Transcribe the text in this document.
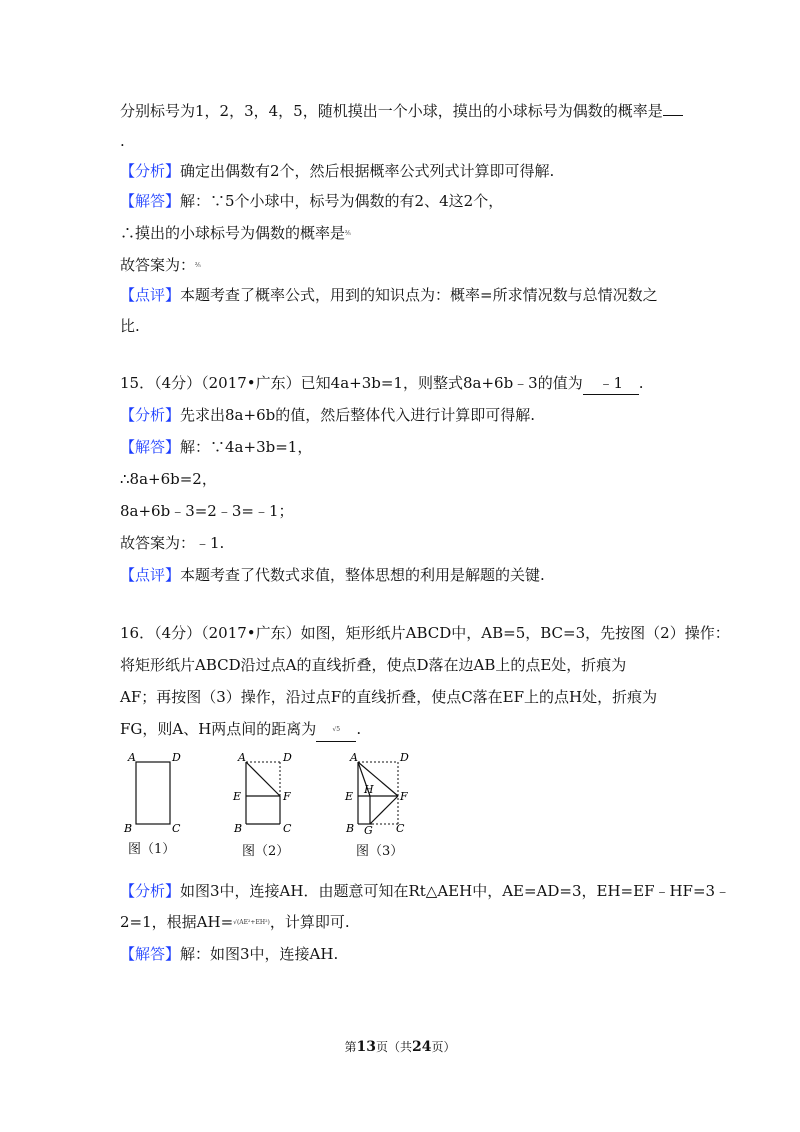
分别标号为1，2，3，4，5，随机摸出一个小球，摸出的小球标号为偶数的概率是
.
【分析】确定出偶数有2个，然后根据概率公式列式计算即可得解.
【解答】解：∵5个小球中，标号为偶数的有2、4这2个，
∴摸出的小球标号为偶数的概率是⅖
故答案为：⅖
【点评】本题考查了概率公式，用到的知识点为：概率=所求情况数与总情况数之
比.
15．（4分）（2017•广东）已知4a+3b=1，则整式8a+6b﹣3的值为 ﹣1 .
【分析】先求出8a+6b的值，然后整体代入进行计算即可得解.
【解答】解：∵4a+3b=1，
∴8a+6b=2，
8a+6b﹣3=2﹣3=﹣1；
故答案为：﹣1.
【点评】本题考查了代数式求值，整体思想的利用是解题的关键.
16．（4分）（2017•广东）如图，矩形纸片ABCD中，AB=5，BC=3，先按图（2）操作：
将矩形纸片ABCD沿过点A的直线折叠，使点D落在边AB上的点E处，折痕为
AF；再按图（3）操作，沿过点F的直线折叠，使点C落在EF上的点H处，折痕为
FG，则A、H两点间的距离为	√5 .
A	D
B	C
图（1）
A	D
E	F
B	C
图（2）
A	D
E
H
F
B G C
图（3）
【分析】如图3中，连接AH．由题意可知在Rt△AEH中，AE=AD=3，EH=EF﹣HF=3﹣
2=1，根据AH=√(AE²+EH²)，计算即可.
【解答】解：如图3中，连接AH.
第13页（共24页）
